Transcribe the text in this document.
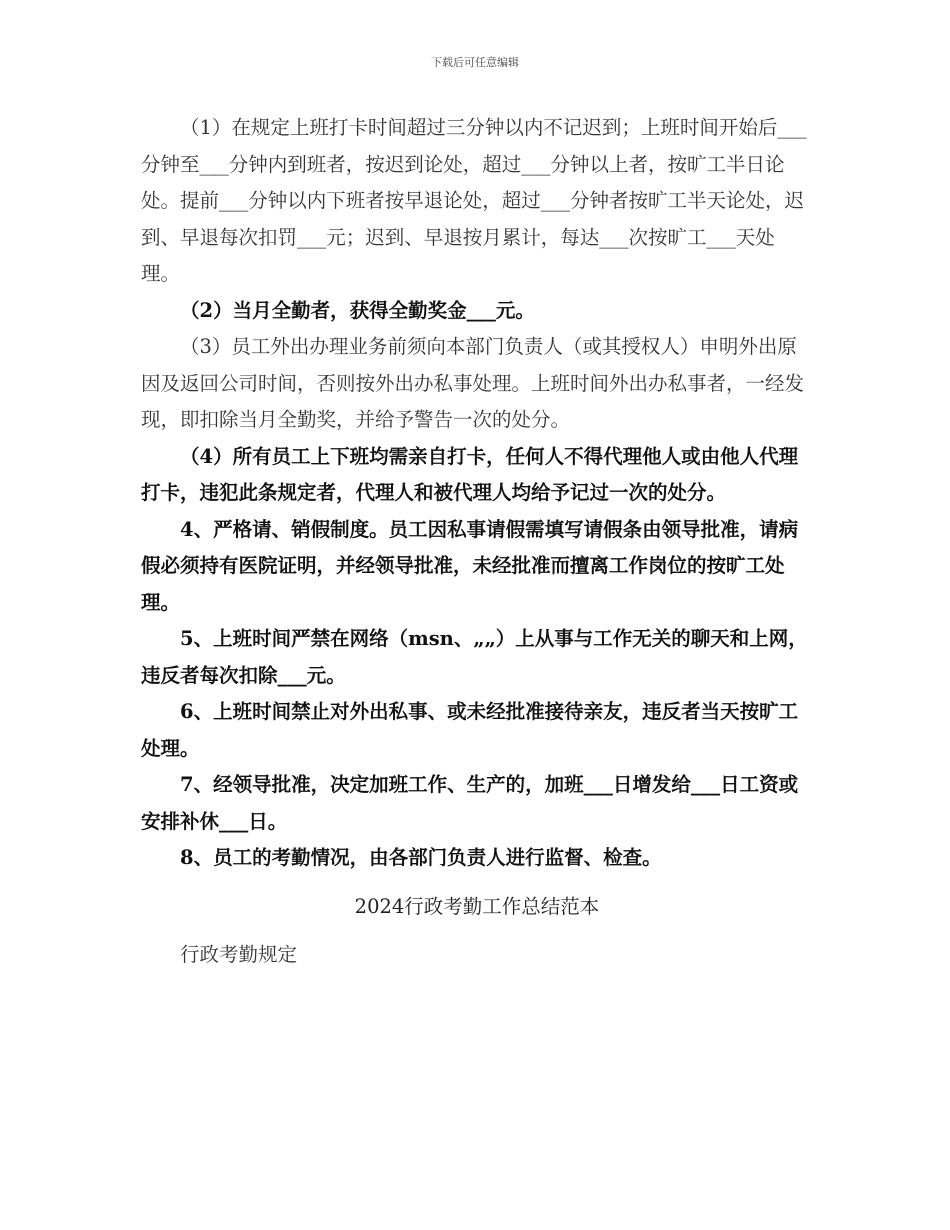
下载后可任意编辑

（1）在规定上班打卡时间超过三分钟以内不记迟到；上班时间开始后___分钟至___分钟内到班者，按迟到论处，超过___分钟以上者，按旷工半日论处。提前___分钟以内下班者按早退论处，超过___分钟者按旷工半天论处，迟到、早退每次扣罚___元；迟到、早退按月累计，每达___次按旷工___天处理。

（2）当月全勤者，获得全勤奖金___元。

（3）员工外出办理业务前须向本部门负责人（或其授权人）申明外出原因及返回公司时间，否则按外出办私事处理。上班时间外出办私事者，一经发现，即扣除当月全勤奖，并给予警告一次的处分。

（4）所有员工上下班均需亲自打卡，任何人不得代理他人或由他人代理打卡，违犯此条规定者，代理人和被代理人均给予记过一次的处分。

4、严格请、销假制度。员工因私事请假需填写请假条由领导批准，请病假必须持有医院证明，并经领导批准，未经批准而擅离工作岗位的按旷工处理。

5、上班时间严禁在网络（msn、„„）上从事与工作无关的聊天和上网，违反者每次扣除___元。

6、上班时间禁止对外出私事、或未经批准接待亲友，违反者当天按旷工处理。

7、经领导批准，决定加班工作、生产的，加班___日增发给___日工资或安排补休___日。

8、员工的考勤情况，由各部门负责人进行监督、检查。

2024行政考勤工作总结范本
行政考勤规定
